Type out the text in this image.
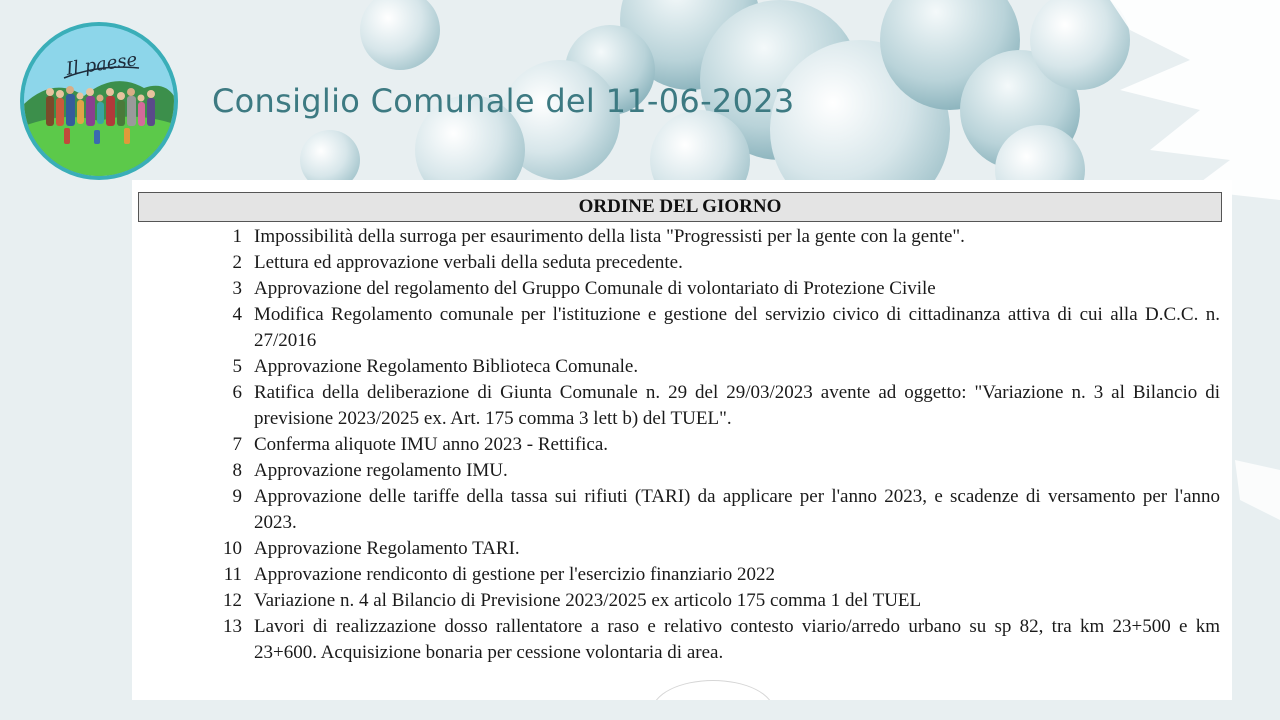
Il paese
Consiglio Comunale del 11-06-2023
ORDINE DEL GIORNO
1 Impossibilità della surroga per esaurimento della lista "Progressisti per la gente con la gente".
2 Lettura ed approvazione verbali della seduta precedente.
3 Approvazione del regolamento del Gruppo Comunale di volontariato di Protezione Civile
4 Modifica Regolamento comunale per l'istituzione e gestione del servizio civico di cittadinanza attiva di cui alla D.C.C. n. 27/2016
5 Approvazione Regolamento Biblioteca Comunale.
6 Ratifica della deliberazione di Giunta Comunale n. 29 del 29/03/2023 avente ad oggetto: "Variazione n. 3 al Bilancio di previsione 2023/2025 ex. Art. 175 comma 3 lett b) del TUEL".
7 Conferma aliquote IMU anno 2023 - Rettifica.
8 Approvazione regolamento IMU.
9 Approvazione delle tariffe della tassa sui rifiuti (TARI) da applicare per l'anno 2023, e scadenze di versamento per l'anno 2023.
10 Approvazione Regolamento TARI.
11 Approvazione rendiconto di gestione per l'esercizio finanziario 2022
12 Variazione n. 4 al Bilancio di Previsione 2023/2025 ex articolo 175 comma 1 del TUEL
13 Lavori di realizzazione dosso rallentatore a raso e relativo contesto viario/arredo urbano su sp 82, tra km 23+500 e km 23+600. Acquisizione bonaria per cessione volontaria di area.
